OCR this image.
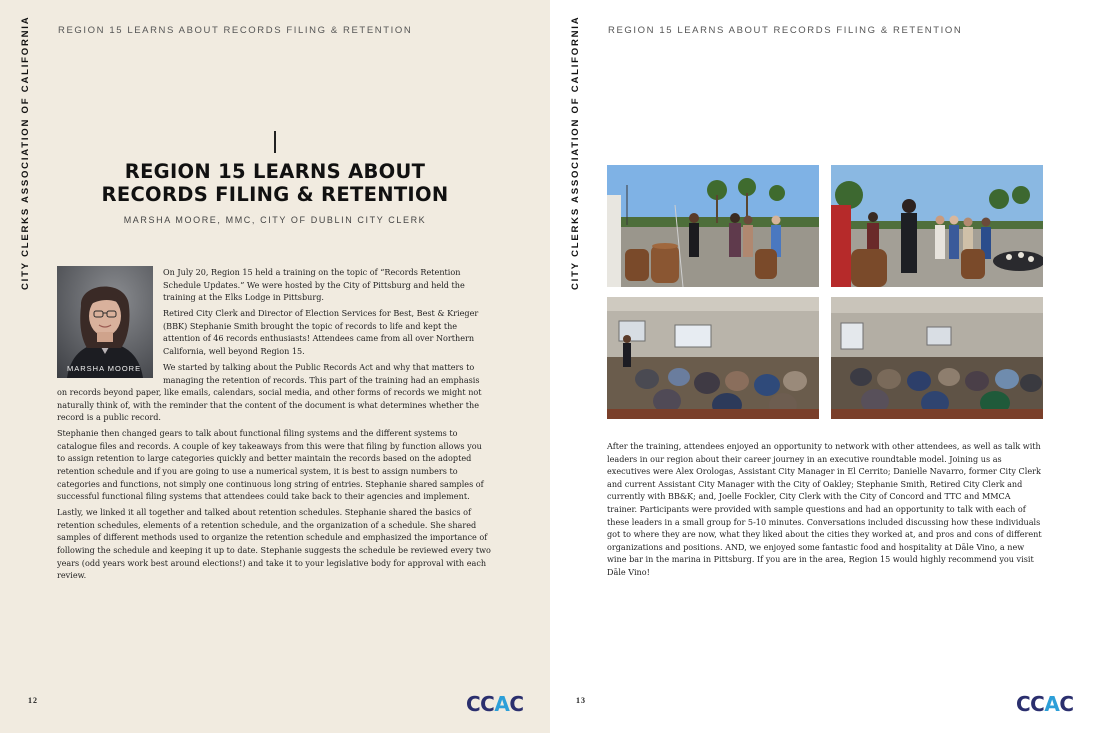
REGION 15 LEARNS ABOUT RECORDS FILING & RETENTION
CITY CLERKS ASSOCIATION OF CALIFORNIA	REGION 15 LEARNS ABOUT
RECORDS FILING & RETENTION
MARSHA MOORE, MMC, CITY OF DUBLIN CITY CLERK
MARSHA MOORE

On July 20, Region 15 held a training on the topic of “Records Retention Schedule Updates.” We were hosted by the City of Pittsburg and held the training at the Elks Lodge in Pittsburg.

Retired City Clerk and Director of Election Services for Best, Best & Krieger (BBK) Stephanie Smith brought the topic of records to life and kept the attention of 46 records enthusiasts! Attendees came from all over Northern California, well beyond Region 15.

We started by talking about the Public Records Act and why that matters to managing the retention of records. This part of the training had an emphasis on records beyond paper, like emails, calendars, social media, and other forms of records we might not naturally think of, with the reminder that the content of the document is what determines whether the record is a public record.

Stephanie then changed gears to talk about functional filing systems and the different systems to catalogue files and records. A couple of key takeaways from this were that filing by function allows you to assign retention to large categories quickly and better maintain the records based on the adopted retention schedule and if you are going to use a numerical system, it is best to assign numbers to categories and functions, not simply one continuous long string of entries. Stephanie shared samples of successful functional filing systems that attendees could take back to their agencies and implement.

Lastly, we linked it all together and talked about retention schedules. Stephanie shared the basics of retention schedules, elements of a retention schedule, and the organization of a schedule. She shared samples of different methods used to organize the retention schedule and emphasized the importance of following the schedule and keeping it up to date. Stephanie suggests the schedule be reviewed every two years (odd years work best around elections!) and take it to your legislative body for approval with each review.

12	CCAC
REGION 15 LEARNS ABOUT RECORDS FILING & RETENTION
CITY CLERKS ASSOCIATION OF CALIFORNIA

After the training, attendees enjoyed an opportunity to network with other attendees, as well as talk with leaders in our region about their career journey in an executive roundtable model. Joining us as executives were Alex Orologas, Assistant City Manager in El Cerrito; Danielle Navarro, former City Clerk and current Assistant City Manager with the City of Oakley; Stephanie Smith, Retired City Clerk and currently with BB&K; and, Joelle Fockler, City Clerk with the City of Concord and TTC and MMCA trainer. Participants were provided with sample questions and had an opportunity to talk with each of these leaders in a small group for 5-10 minutes. Conversations included discussing how these individuals got to where they are now, what they liked about the cities they worked at, and pros and cons of different organizations and positions. AND, we enjoyed some fantastic food and hospitality at Dāle Vino, a new wine bar in the marina in Pittsburg. If you are in the area, Region 15 would highly recommend you visit Dāle Vino!

13	CCAC
